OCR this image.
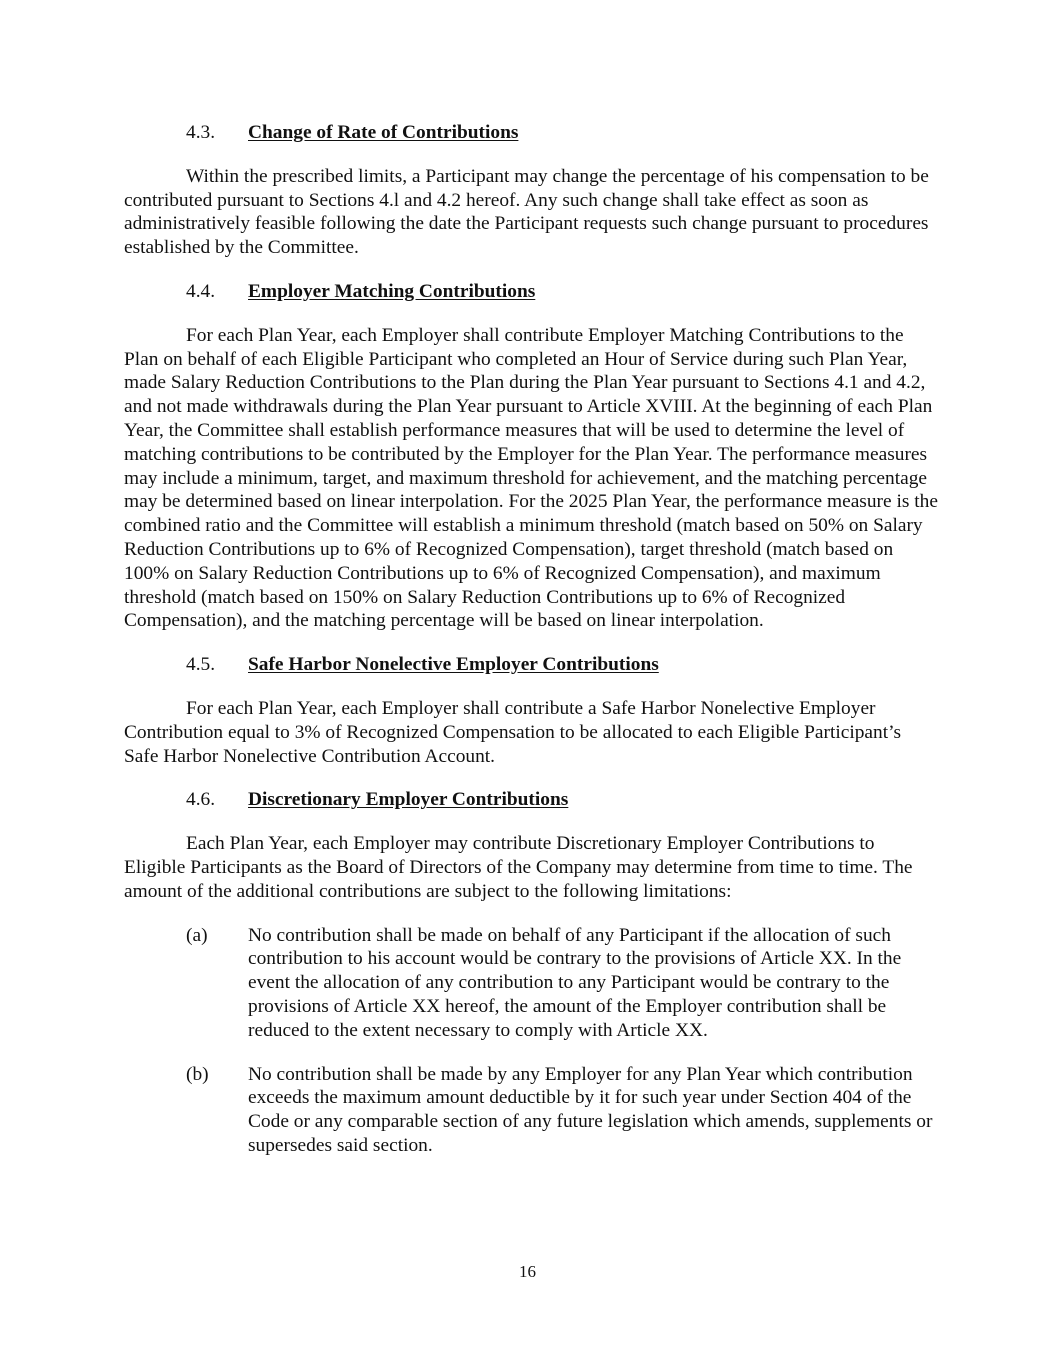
4.3.	Change of Rate of Contributions

Within the prescribed limits, a Participant may change the percentage of his compensation to be contributed pursuant to Sections 4.l and 4.2 hereof. Any such change shall take effect as soon as administratively feasible following the date the Participant requests such change pursuant to procedures established by the Committee.

4.4.	Employer Matching Contributions

For each Plan Year, each Employer shall contribute Employer Matching Contributions to the Plan on behalf of each Eligible Participant who completed an Hour of Service during such Plan Year, made Salary Reduction Contributions to the Plan during the Plan Year pursuant to Sections 4.1 and 4.2, and not made withdrawals during the Plan Year pursuant to Article XVIII. At the beginning of each Plan Year, the Committee shall establish performance measures that will be used to determine the level of matching contributions to be contributed by the Employer for the Plan Year. The performance measures may include a minimum, target, and maximum threshold for achievement, and the matching percentage may be determined based on linear interpolation. For the 2025 Plan Year, the performance measure is the combined ratio and the Committee will establish a minimum threshold (match based on 50% on Salary Reduction Contributions up to 6% of Recognized Compensation), target threshold (match based on 100% on Salary Reduction Contributions up to 6% of Recognized Compensation), and maximum threshold (match based on 150% on Salary Reduction Contributions up to 6% of Recognized Compensation), and the matching percentage will be based on linear interpolation.

4.5.	Safe Harbor Nonelective Employer Contributions

For each Plan Year, each Employer shall contribute a Safe Harbor Nonelective Employer Contribution equal to 3% of Recognized Compensation to be allocated to each Eligible Participant’s Safe Harbor Nonelective Contribution Account.

4.6.	Discretionary Employer Contributions

Each Plan Year, each Employer may contribute Discretionary Employer Contributions to Eligible Participants as the Board of Directors of the Company may determine from time to time. The amount of the additional contributions are subject to the following limitations:

(a)	No contribution shall be made on behalf of any Participant if the allocation of such contribution to his account would be contrary to the provisions of Article XX. In the event the allocation of any contribution to any Participant would be contrary to the provisions of Article XX hereof, the amount of the Employer contribution shall be reduced to the extent necessary to comply with Article XX.
(b)	No contribution shall be made by any Employer for any Plan Year which contribution exceeds the maximum amount deductible by it for such year under Section 404 of the Code or any comparable section of any future legislation which amends, supplements or supersedes said section.
16
